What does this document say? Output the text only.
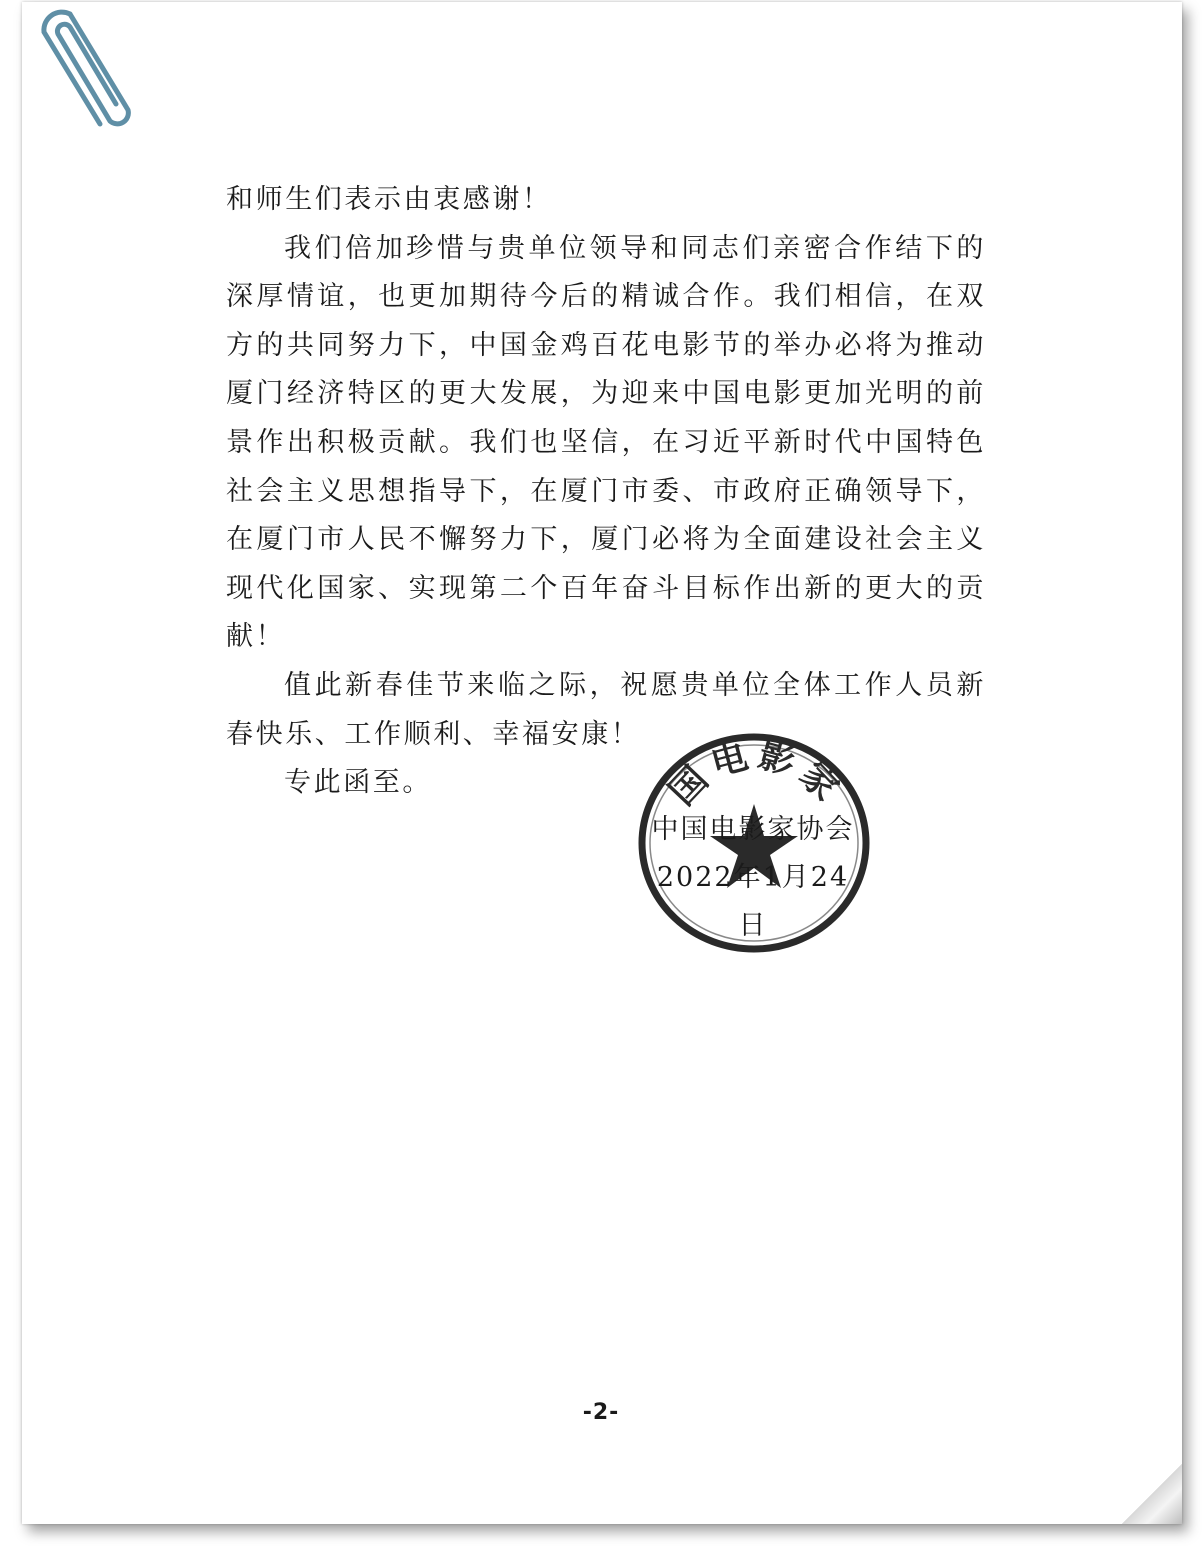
和师生们表示由衷感谢！

我们倍加珍惜与贵单位领导和同志们亲密合作结下的深厚情谊，也更加期待今后的精诚合作。我们相信，在双方的共同努力下，中国金鸡百花电影节的举办必将为推动厦门经济特区的更大发展，为迎来中国电影更加光明的前景作出积极贡献。我们也坚信，在习近平新时代中国特色社会主义思想指导下，在厦门市委、市政府正确领导下，在厦门市人民不懈努力下，厦门必将为全面建设社会主义现代化国家、实现第二个百年奋斗目标作出新的更大的贡献！

值此新春佳节来临之际，祝愿贵单位全体工作人员新春快乐、工作顺利、幸福安康！

专此函至。	国电影家
中国电影家协会
2022年1月24日
-2-
